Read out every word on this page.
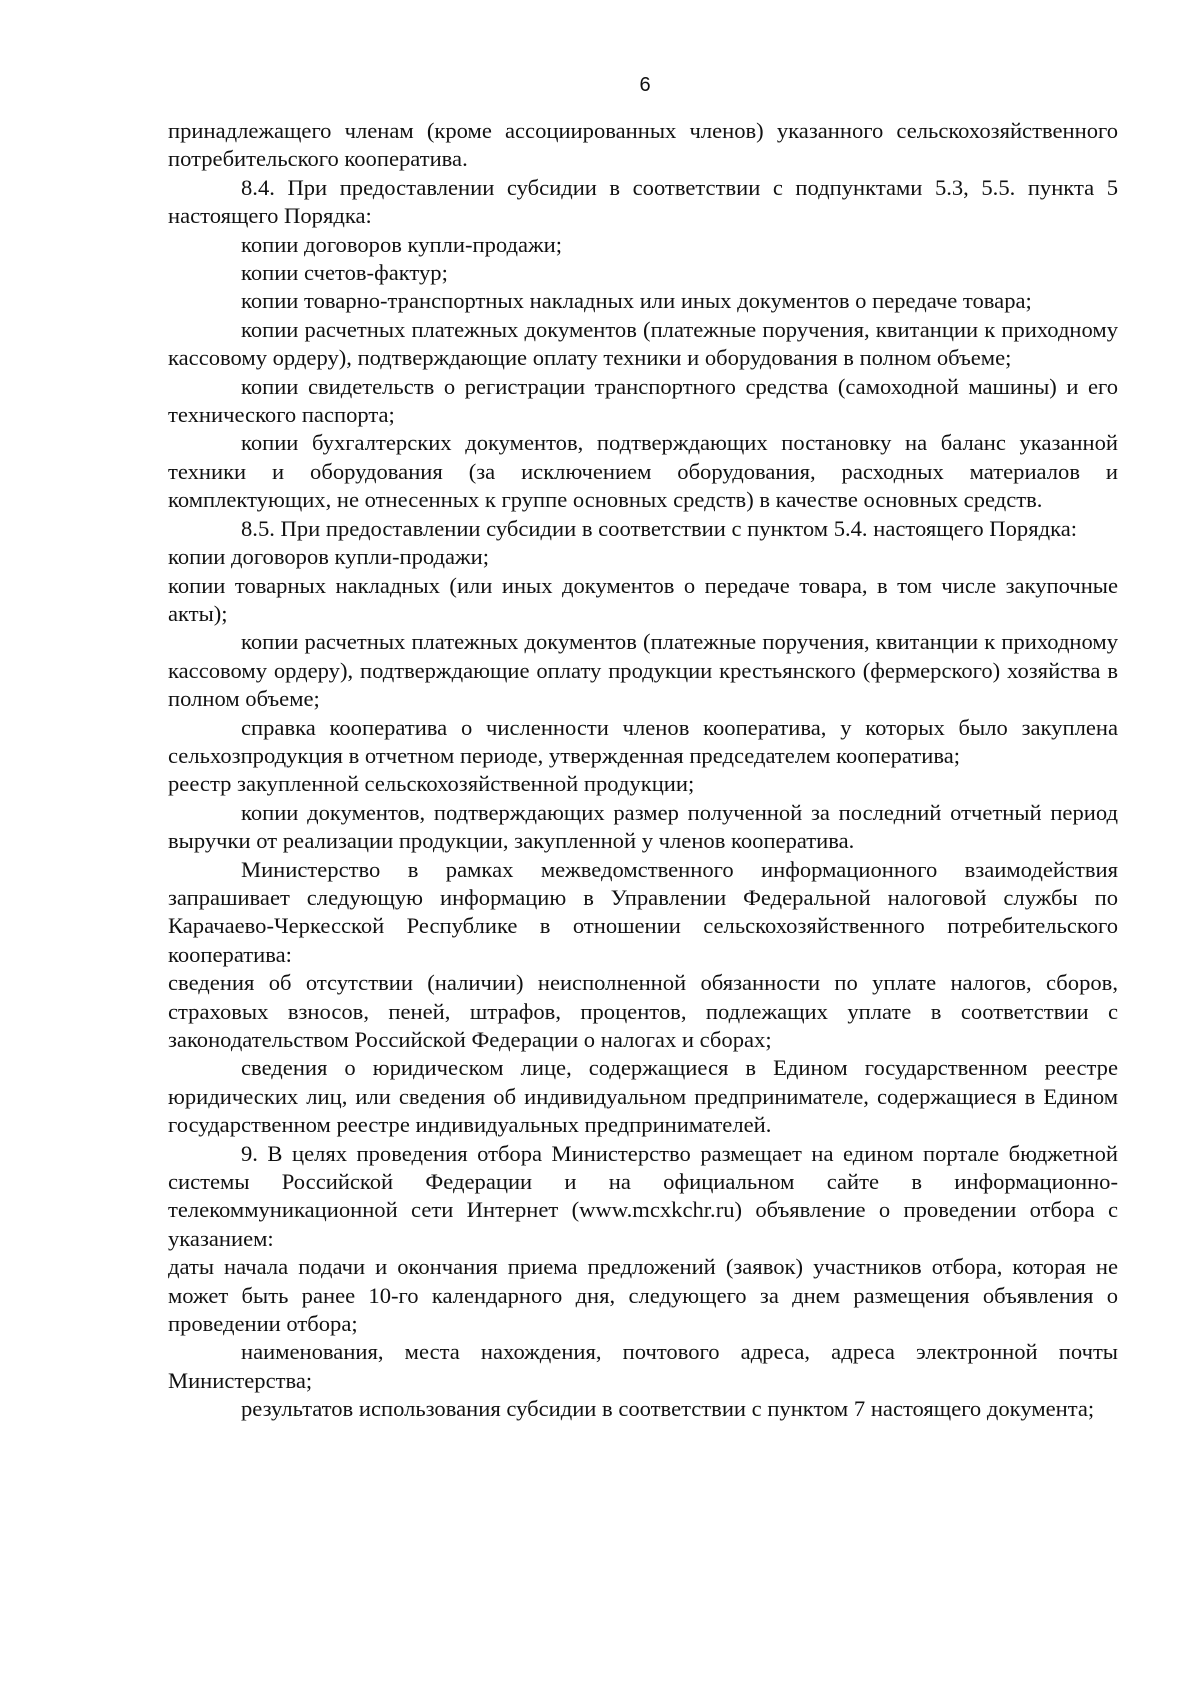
6

принадлежащего членам (кроме ассоциированных членов) указанного сельскохозяйственного потребительского кооператива.

8.4. При предоставлении субсидии в соответствии с подпунктами 5.3, 5.5. пункта 5 настоящего Порядка:

копии договоров купли-продажи;

копии счетов-фактур;

копии товарно-транспортных накладных или иных документов о передаче товара;

копии расчетных платежных документов (платежные поручения, квитанции к приходному кассовому ордеру), подтверждающие оплату техники и оборудования в полном объеме;

копии свидетельств о регистрации транспортного средства (самоходной машины) и его технического паспорта;

копии бухгалтерских документов, подтверждающих постановку на баланс указанной техники и оборудования (за исключением оборудования, расходных материалов и комплектующих, не отнесенных к группе основных средств) в качестве основных средств.

8.5. При предоставлении субсидии в соответствии с пунктом 5.4. настоящего Порядка:

копии договоров купли-продажи;

копии товарных накладных (или иных документов о передаче товара, в том числе закупочные акты);

копии расчетных платежных документов (платежные поручения, квитанции к приходному кассовому ордеру), подтверждающие оплату продукции крестьянского (фермерского) хозяйства в полном объеме;

справка кооператива о численности членов кооператива, у которых было закуплена сельхозпродукция в отчетном периоде, утвержденная председателем кооператива;

реестр закупленной сельскохозяйственной продукции;

копии документов, подтверждающих размер полученной за последний отчетный период выручки от реализации продукции, закупленной у членов кооператива.

Министерство в рамках межведомственного информационного взаимодействия запрашивает следующую информацию в Управлении Федеральной налоговой службы по Карачаево-Черкесской Республике в отношении сельскохозяйственного потребительского кооператива:

сведения об отсутствии (наличии) неисполненной обязанности по уплате налогов, сборов, страховых взносов, пеней, штрафов, процентов, подлежащих уплате в соответствии с законодательством Российской Федерации о налогах и сборах;

сведения о юридическом лице, содержащиеся в Едином государственном реестре юридических лиц, или сведения об индивидуальном предпринимателе, содержащиеся в Едином государственном реестре индивидуальных предпринимателей.

9. В целях проведения отбора Министерство размещает на едином портале бюджетной системы Российской Федерации и на официальном сайте в информационно-телекоммуникационной сети Интернет (www.mcxkchr.ru) объявление о проведении отбора с указанием:

даты начала подачи и окончания приема предложений (заявок) участников отбора, которая не может быть ранее 10-го календарного дня, следующего за днем размещения объявления о проведении отбора;

наименования, места нахождения, почтового адреса, адреса электронной почты Министерства;

результатов использования субсидии в соответствии с пунктом 7 настоящего документа;
